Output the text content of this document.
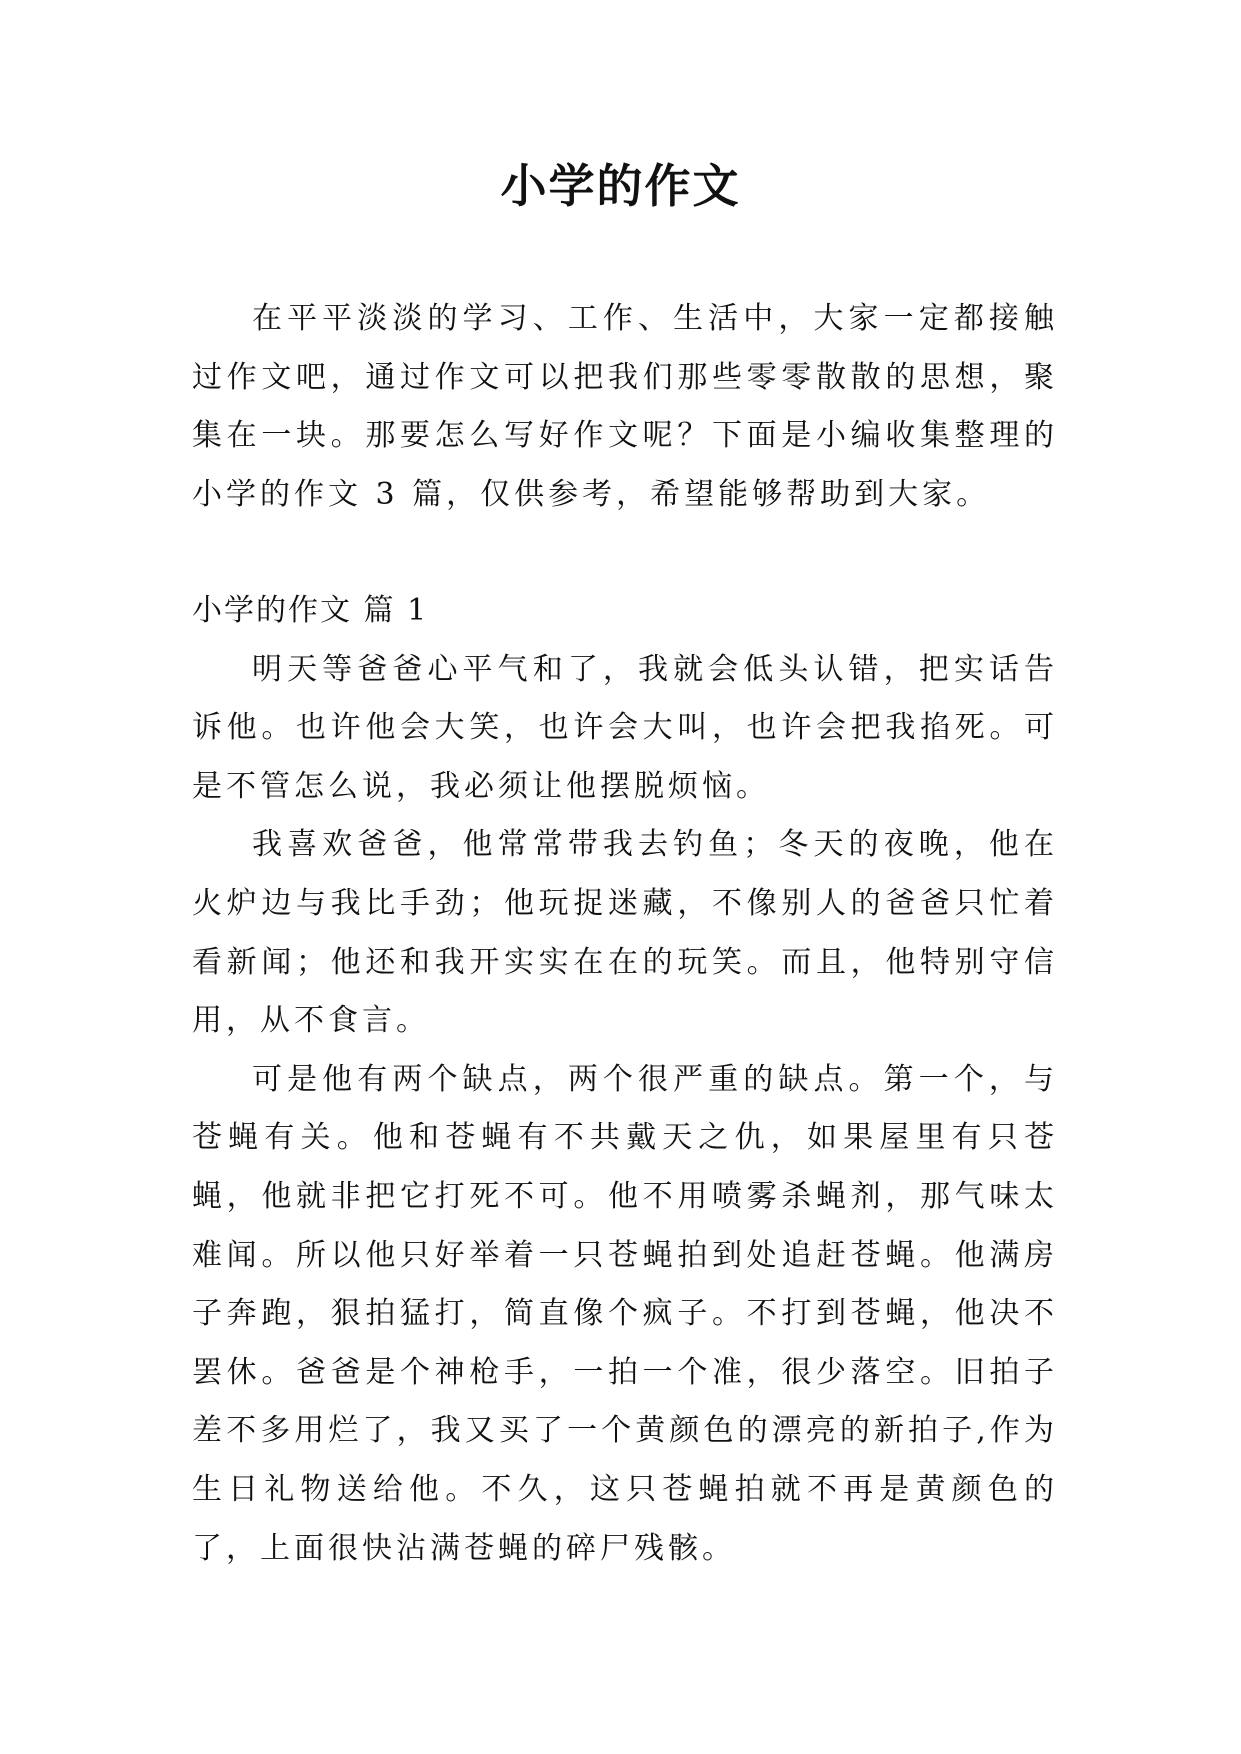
小学的作文

在平平淡淡的学习、工作、生活中，大家一定都接触过作文吧，通过作文可以把我们那些零零散散的思想，聚集在一块。那要怎么写好作文呢？下面是小编收集整理的小学的作文 3 篇，仅供参考，希望能够帮助到大家。

小学的作文 篇 1

明天等爸爸心平气和了，我就会低头认错，把实话告诉他。也许他会大笑，也许会大叫，也许会把我掐死。可是不管怎么说，我必须让他摆脱烦恼。

我喜欢爸爸，他常常带我去钓鱼；冬天的夜晚，他在火炉边与我比手劲；他玩捉迷藏，不像别人的爸爸只忙着看新闻；他还和我开实实在在的玩笑。而且，他特别守信用，从不食言。

可是他有两个缺点，两个很严重的缺点。第一个，与苍蝇有关。他和苍蝇有不共戴天之仇，如果屋里有只苍蝇，他就非把它打死不可。他不用喷雾杀蝇剂，那气味太难闻。所以他只好举着一只苍蝇拍到处追赶苍蝇。他满房子奔跑，狠拍猛打，简直像个疯子。不打到苍蝇，他决不罢休。爸爸是个神枪手，一拍一个准，很少落空。旧拍子差不多用烂了，我又买了一个黄颜色的漂亮的新拍子,作为生日礼物送给他。不久，这只苍蝇拍就不再是黄颜色的了，上面很快沾满苍蝇的碎尸残骸。
